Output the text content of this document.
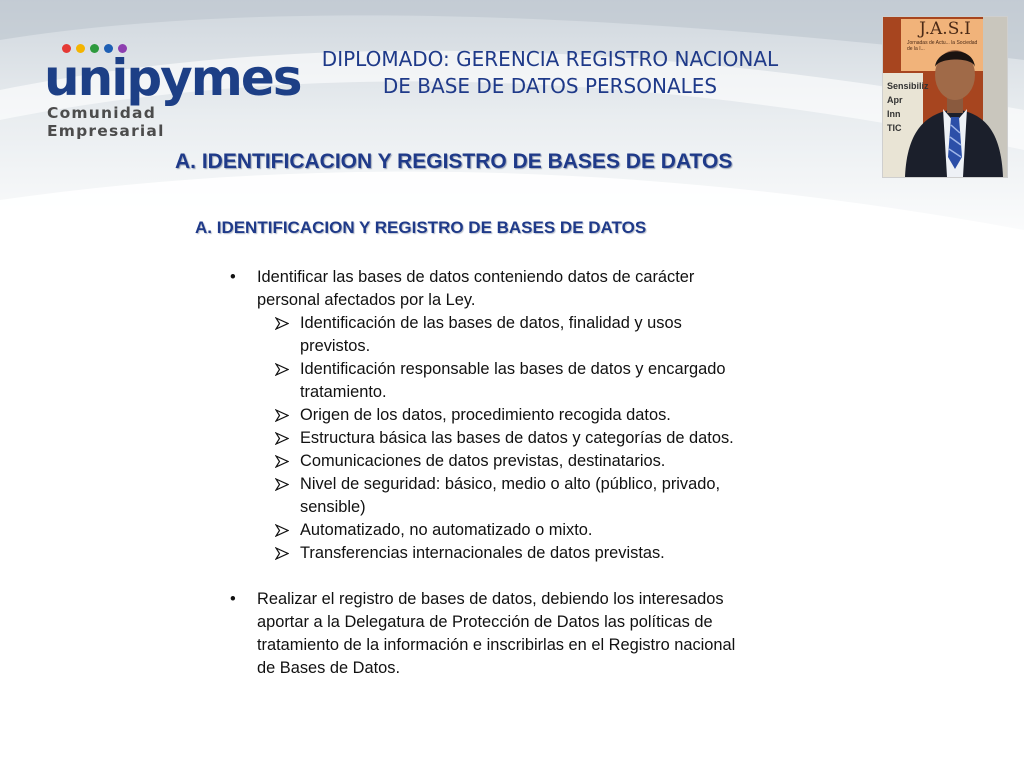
unipymes
Comunidad Empresarial
DIPLOMADO: GERENCIA REGISTRO NACIONAL
DE BASE DE DATOS PERSONALES
J.A.S.I
Jornadas de Actu... la Sociedad de la I...
Sensibiliz
Apr
Inn
TIC
A. IDENTIFICACION Y REGISTRO DE BASES DE DATOS
A. IDENTIFICACION Y REGISTRO DE BASES DE DATOS
• Identificar las bases de datos conteniendo datos de carácter
personal afectados por la Ley.
Identificación de las bases de datos, finalidad y usos
previstos.
Identificación responsable las bases de datos y encargado
tratamiento.
Origen de los datos, procedimiento recogida datos.
Estructura básica las bases de datos y categorías de datos.
Comunicaciones de datos previstas, destinatarios.
Nivel de seguridad: básico, medio o alto (público, privado,
sensible)
Automatizado, no automatizado o mixto.
Transferencias internacionales de datos previstas.
• Realizar el registro de bases de datos, debiendo los interesados
aportar a la Delegatura de Protección de Datos las políticas de
tratamiento de la información e inscribirlas en el Registro nacional
de Bases de Datos.
